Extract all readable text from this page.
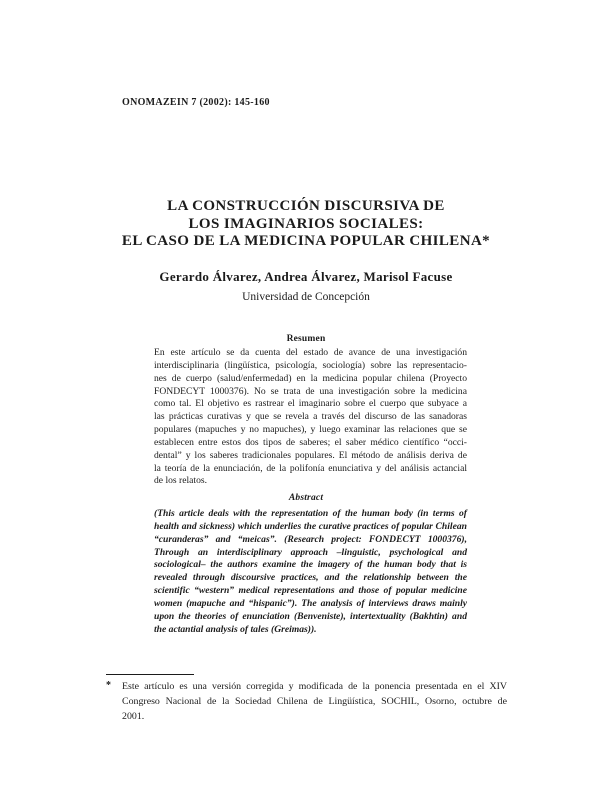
ONOMAZEIN 7 (2002): 145-160
LA CONSTRUCCIÓN DISCURSIVA DE
LOS IMAGINARIOS SOCIALES:
EL CASO DE LA MEDICINA POPULAR CHILENA*
Gerardo Álvarez, Andrea Álvarez, Marisol Facuse
Universidad de Concepción
Resumen
En este artículo se da cuenta del estado de avance de una investigación
interdisciplinaria (lingüística, psicología, sociología) sobre las representacio-
nes de cuerpo (salud/enfermedad) en la medicina popular chilena (Proyecto
FONDECYT 1000376). No se trata de una investigación sobre la medicina
como tal. El objetivo es rastrear el imaginario sobre el cuerpo que subyace a
las prácticas curativas y que se revela a través del discurso de las sanadoras
populares (mapuches y no mapuches), y luego examinar las relaciones que se
establecen entre estos dos tipos de saberes; el saber médico científico “occi-
dental” y los saberes tradicionales populares. El método de análisis deriva de
la teoría de la enunciación, de la polifonía enunciativa y del análisis actancial
de los relatos.
Abstract
(This article deals with the representation of the human body (in terms of
health and sickness) which underlies the curative practices of popular Chilean
“curanderas” and “meicas”. (Research project: FONDECYT 1000376),
Through an interdisciplinary approach –linguistic, psychological and
sociological– the authors examine the imagery of the human body that is
revealed through discoursive practices, and the relationship between the
scientific “western” medical representations and those of popular medicine
women (mapuche and “hispanic”). The analysis of interviews draws mainly
upon the theories of enunciation (Benveniste), intertextuality (Bakhtin) and
the actantial analysis of tales (Greimas)).
* Este artículo es una versión corregida y modificada de la ponencia presentada en el XIV
Congreso Nacional de la Sociedad Chilena de Lingüística, SOCHIL, Osorno, octubre de
2001.
